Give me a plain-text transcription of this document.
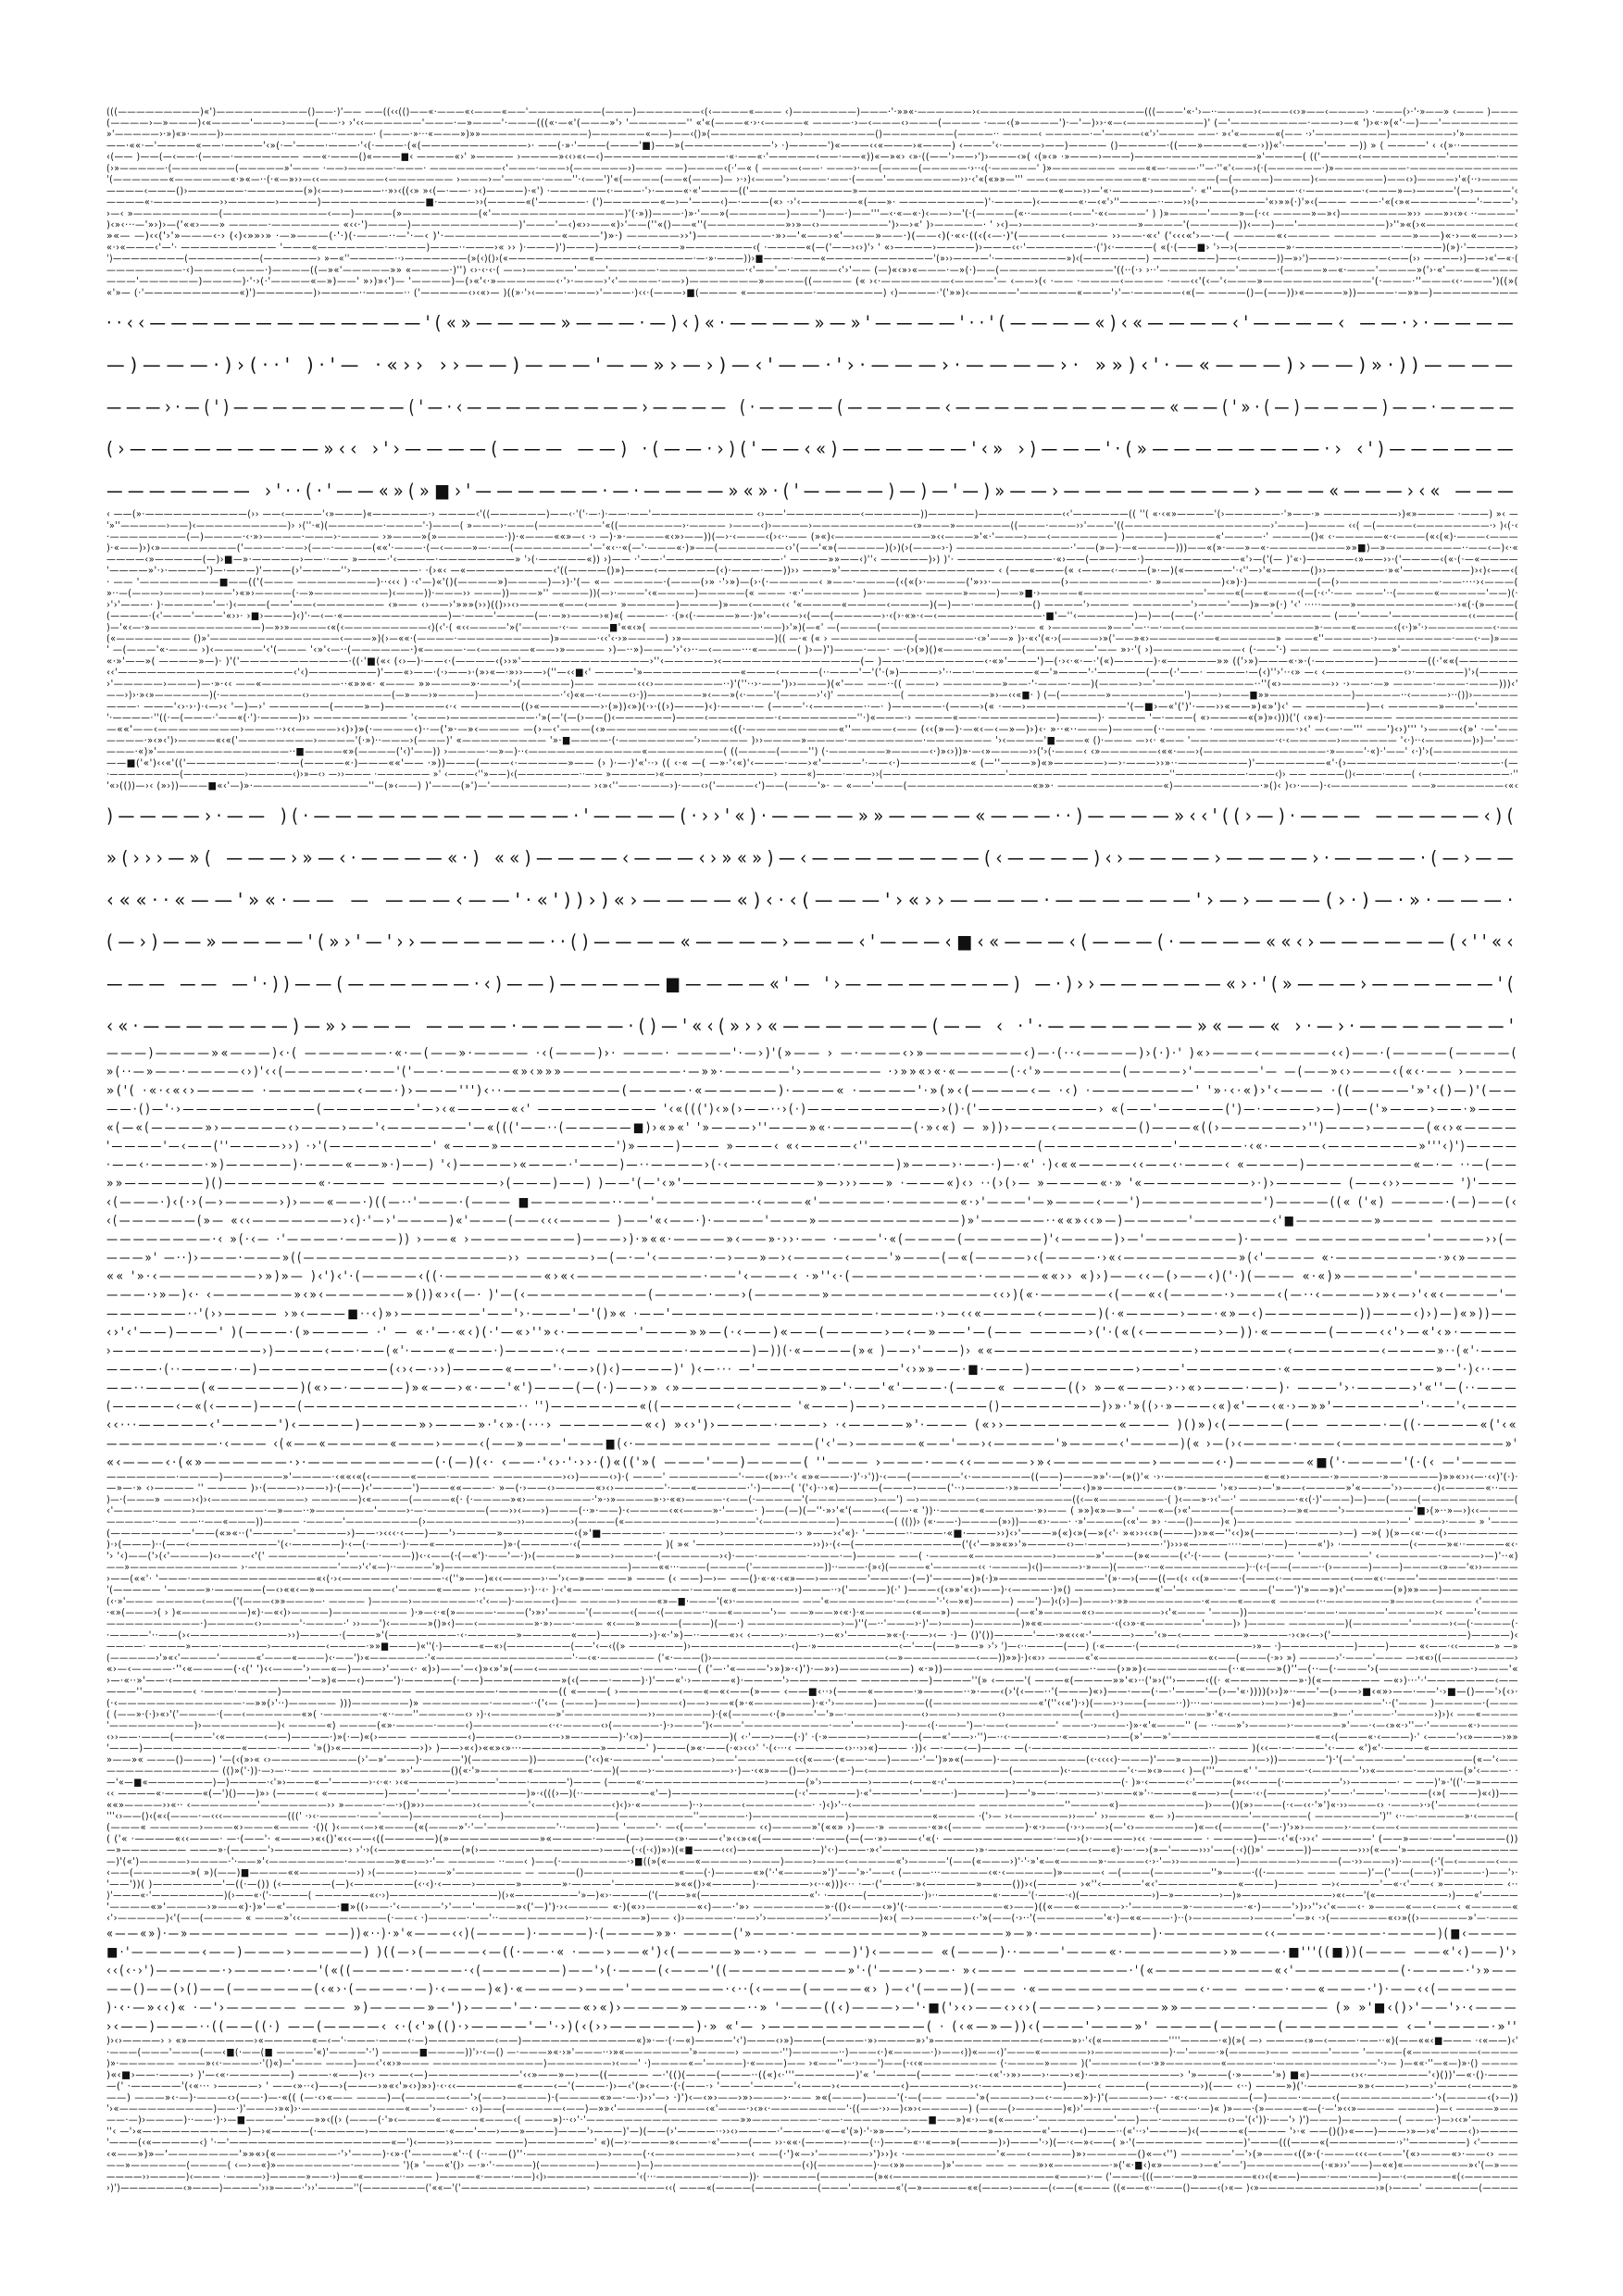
(((—————————)«')——————————()——·)'—— ——((‹‹(()——«·———«‹———«——'————————(———)———————‹(‹————«——— ‹)———————)———·'·»»«·——————›‹——————————————————(((———'«·'›—··————›‹———‹‹›»——‹————› ·———(›·'·»——» ‹——— )———
(————›—»———)‹«————'———›———(——·› ›'‹‹——————'———·—»———'·———(((«·—«'(———»'› '——————'' «'«(———«·›·‹————« ————·›—‹———‹›———(———— ·——‹(»————')·—'—)››·«—‹————————)' (—'————————·———›—« ')›«·»(«'·—)——'————————
»'—————›·»)«»·———)›————————————··————· (———·»···«———»)»»————————————)——————«——)——‹()»(——————————›————————()————————(————·· ————‹ —————·—'————‹«'›'———— ——· »‹'«————«(—— ·›'————————)———————›'»——————
——·««·—'————«——·————'‹»(·—'———·———·'‹(·———·(«(———————————›· ——(·»·'———(———'■)——»(—————————'› ·)————')«———‹‹«———›«———) ‹———'‹·————›——)———— ()—————·((——»————«—·›))«'·————'—— —)) » ( ————' ‹ ‹(»··——————
‹(—— )——(—‹——·(———·——————— ——«·———()«———■‹ ————«›' »———— ›————»‹‹›«‹—‹)—————————————·«·——«·'—————‹——·——«))«—»«› ‹»·((——'›——›')›———‹»( ‹(»‹» ·»———›———)—————————————»'————( (('————‹—————————'—————·——
(›»—————·(———————(—————»'——— ·——›—————·———· ————————‹'———·———›(——————›)——— ——)————‹(·'—« ( ————‹——· ———›·——(————(—————·›··‹(·—————' )»——————— ———««—·———·''—·''«'‹——›(·(——————·)»————————·————————————
'(——————«——————«·»«—··(·«—»››—‹‹———————‹——————— ›———›—'————·———''·‹——')'«(————(——«(———)— ›·›)‹———'›————·——·(———'————————››·‹'«(«»»—''' ——‹——————————«·———————(—(————)————)‹———————)——‹›)————›'«(··›————
————‹———()›——————·——————(»)‹——›————··»›‹((‹» »‹(—·——· ›‹)————)·«') ·——————‹·———·'›·———«·«'————(('———————————»—————————————————·————«——››—'«·————›————'· «''——(›——————·‹·——————·‹———»—›————'(—›————'‹
————«·———————››—————›————)———————————■·————››(————«('—————· (')——————«—›—'———‹)—·———(«› ·›'‹——————«(——»· —————————)'·————)‹————«·—‹«'›''————··——››(›———————'«›»»(·)'»‹(——— ———·'«(‹»«———————'·———'›
›—‹ »—————————(———————————‹——)————(»————————(«'——————————————)'(·»))———·)»·'——»(——————)———')——·)——'''—‹·«—«·)‹——›—'(·(————(«··————‹——'·«‹————' ) )»————'———»—(·‹‹ ————»—»‹)———————»›› ——»›‹»‹ ··————'
)‹»‹···—'»›)›—('««›——» ————·——————— «‹‹·')————)———————————)'———'—‹)«››——«)›'——(''«()——«''(————————»›»—‹›———————')›—›«' )›—————· ' ›‹)—›———————›·————»————'(—————))‹——)——'—————————)›''»«(›«—————————‹
»«— —)‹‹('›'»———‹·› (‹)‹»»›» ·—»———(·'·)(·———··—'·—‹ )'·———————————«———')»·) —————››')———————·»›—'«——›«'———»——·)(——‹)(·«‹·((‹(‹—·)'(————‹———— ››——·«‹' ('‹‹‹«'›—·—( ————«‹———— ———— ———»——)«·›—«——›—›
«·›«———‹'—'· —————————— '———«———————·————)———··———›« ›› )·———)')———)————‹————»———————‹( ·————«(—('——›‹›)'› ' «›————›————)›———‹‹·'———————·(')‹·————( «(·(——■› '›—›(—————»·———————————·————)(»)·'—————›
')————————(————————(——————› »—«''—————··›———————(»(‹)()›(«—————————«———————————·—·»·———))›■———·———«————————————'(»››————'·————————»)‹(———————) ———————)——‹————))—»›')———›·—————‹——(›› ————›)——›«'—«·(
————————·‹)————‹———·)————((—»«'—————»» «————·)'') ‹›·‹·‹·( ——›—————'———'—————·—————————·‹'——'—·—————‹'›'—— (—)«‹»›«———·—»(·)——(————————————'((··(·› ›··'————————'————·(————»—«·———'————»('›·«'———«————
———'——————)————)·'·›(·'————«—»)——' »›)»‹')— '————)—(›«'‹·»——————‹·'›·———›'‹'————·——›)———————»————((———— (« ›‹·———————‹————'— ‹——›(‹ ·—— ·————‹———— ·——‹‹'(‹—'‹———»———————————'(·———·''———‹‹·———')((»(
«'»— (·'——————————«)')——————)›————··————·· ('—————‹›‹«›— )((»·'›‹———·———›'———·)‹‹·(———›■(———— «———————·———————) ‹)————·'('»»)‹—————'——————«———'›'—·—————‹«(— ————()—(——))›«————»))————·—»»—)—————————
··‹‹—————————————'(«»————»———·—)‹)«·————»—»'————'··'(————«)‹«————‹'————‹ ——·›·————
—)———·)›(··' )·'— ·«›› ››——)———'——»›—›)—‹'——·'›·———›·————›· »»)‹'·—«———)›——)»·))————
———›·—(')—————————('—·‹—————————›———— (·————(—————‹———————————«——('»·(—)————)——·————
(›—————————»‹‹ ›'›————(——— ——) ·(——·›)('——‹«)——————'‹» ›)———'·(»————————·› ‹')——————
——————— ›'··(·'——«»(»■›'——————·—·————»«»·('————)—)—'—)»——›—————————›———«———›‹« ———
‹ ——(»·———————————(›› ——‹————'‹»———)«——————·› ————‹'((——————)——‹·'('·—·)·——·——'——————————— ‹›——'————————‹——————))—————)—————————‹‹'——————(( ''( «·‹«»————'(›——————·'»——·» ————————›)«»———— ·———) »‹ —
'»''—————›——)‹——————————)› ›(''·«)(——————·————'·)———( »———›·———(———————'«((———————›·———— ›———‹)›————›———————————‹»———»——————((———·———››'———'((————————————————›'———)———— ‹‹( —(————‹————————·› )‹(·‹
·————————(—)————·‹·»›————·———›·———— ›»———»(»———————·))·«———««»—‹ ·› —)·»·————«‹»›——))(—›·‹———‹(›‹··—— (»«)‹——————————»‹‹———»'«·'———›——‹——————— )————)—————«'————·' ————()« ‹·—————«·‹———(«‹(«)·———‹———
)·«——)›)‹»————————('————·——›(——·————(««'·———·(—‹———»—·——(————————'—'«‹··«(—'·———«·)»——(———————‹›'(——'«»(—————)(›)(›(———›·) ————————————·'——(»—)·—«————)))——«(»·——»—«·————————»»■)—»————————··——‹—)‹·«
————‹»—————(—)›■—»·—————›——··—— »———·'‹————·————————» '›(·—————«)) ›)—— ·'——·'————————————·' ————»»——‹)''‹ —————)›) )'· ——————————·«›——(—————·)——————————«'›—('(— )'«·)—————‹»——››·('————‹(«·(·—«————
'————»'·›·————')—·———)'———(›'————''›———————· ·(›«‹ —«—————————‹'((————()»)———‹——————(‹)·———·——))›› ———»'———————————————— ‹ (——«———(« ‹———‹·———(»·—)(«—————'·‹''—›'«————()››——————·»«'———————)›‹)‹——‹(
· —— '————————■——(('(——— ————————)··‹‹‹ ) ·‹'—)«'()(————»)————)—›)·'(— «— —————·(———(›» ·'›»)—(›·(·—————‹ »——·————(‹(«(›·————('»››·———————(›————————· »——————)‹»)·)———————(—(›——————————·——····›‹———(
»··—(———›————›———'›«»›————(·—»————————)‹———))·———›› ———))———»'' ————))(—›·———'‹«————)—————(« ——— ·«·'—————— )—————— ————»———)——»■·›————«—————————————'———«(——«———‹(—(·‹·'·—— ———'··(————«—————'——)(·
›'›'———· )·—————'—·)‹———(——'——‹——————— ‹»—— ‹›——›'»»»(››)(()››‹›————«——‹——— »—————)————)»——‹———‹‹ '«————«————‹————)(—)——·——————() ————'›———— ——————'›———'——)»—»(·) '‹' ·····———»——————————·›«(·(»———(
(————·(‹'———'———'«››· ›■›———)‹)'·—‹—·«———————————)—·———'————(—·—»›———›«)«( ————· ·(»‹(·————»—·)»'‹———›‹(——(—————›·‹(›·«»·‹—‹———————————·■'—''‹——————)—)——(——(·'———————'—————— (——'———'————————‹‹————(
)—'«‹—·»————————————)—»›»————‹«(‹—————————‹)(‹'·( «‹‹————'»('————·‹·— ———■'««‹»( ————————————·——)›'»)(—«' —(————(——————————————›·—— « ›——————»——'—··—·——‹——————————————»·———«————‹(‹·)»'·›———————‹·——
(«———————— ()»'——————————————‹———»)(›—««·(————·——————————)»————·‹‹'‹·›»————) ›»——————————)(( —·« (« › —————————(——————·‹»'——» )›·«‹'(«·›(————›»('——»«›———————«——————» ———«''—————·›————————·——‹·—)»——
' —(———'«·——— ›)‹—————'‹'(——— '‹»'‹—··(——————·)«————·—‹—————«——›»———— ›)—··»)———'›'‹›··—‹———···«————( )›—)')———·——· —·(›(»)()«————————(———————'—— »›·'( ›)—————————‹ (·——'·) ———— ——————»'————————————
«·»'——»( ————»—)· )'('———————————·((·'■(«‹ (‹›—)·——‹·(————‹(››»'—————————————›''‹—————›‹——————————————(— )——·————————‹·«»'———')—(·›‹·«·—·'(«)————)·«—————»» (('›»)———«·»·(·——————)—————((·'««(——————
‹‹'——————————————————‹'‹)———————)'——«›——·(·›——›·(»›«—·»››——›(''—‹‹■‹' ————'»——————————«———‹————(··———'—'('·(»)————›'··——·——————«—'»———'·'—————(——(·'——· ————·—(‹)''›'··‹» —‹ ‹————————‹›·—————)'›(————
›'—————›———)—·»·‹‹ ——«————————··«»»«· «——— »»————»·———'›(—————)—— ————‹‹‹›———————··)'(''··›·——')››———)(«'—— ——··(( ———› ——————»——·'·———·——)(————›—'——————————··''(«›—————›› ·›——·—» ————·———·———)))‹'
——›)›·»‹»——————)(·—————————‹›—————————(—»——›»————)—————————·'‹)««—·‹———‹›·))——————»‹——»(‹·———'(————›'‹)' ———————( —————————»›—‹‹«■· ) (—(—————»————————')———›———■»»—————————)—————··‹————›··())›—————
———· ———'‹›·›·)·‹—›‹ '—)—›' ——————(———»—)——————‹·‹ ——————((›«——————›·(»))‹»)(·›·((›)———)‹)·———·— (———'·‹—————··—· )—————·(———›(« ·——›——————————'(—■›—«'(')'·——››«——»)«»')‹' — ——————)—‹ —————»———'————
'·————·''((·—(———·'——«(·')·————)›› —————————— '‹———›—————————·'»(—'(—(›——()‹——————)———‹———————·‹————————''·)«———·› ————«——·————————)————)· ———— '—·———( «›————«(»)»‹)))('( ‹»«)·——————— —————————————
—««'——‹————————›———··›‹‹————›‹)›)»(·————‹)··—('»·—»‹———— —(›—‹'———(‹»————————————‹((·—————————«''————‹—— (‹‹(»—)·—«‹—‹—»—)›)‹· »··«··———)————(··———— ·————————·›‹' —‹—·—''' ——')‹›)''' '›———‹(»' ·—'——
————·»‹»‹')›————«‹«('————————›————'(·»)··———›(———)' «————————— '»·■————·(·————————'›————— )››————»————·————————·——————— '›‹————'■———« ()·——— —›‹· «—— '—————————·‹·‹—————›—————— '‹·)··‹—————)›)—'——·
———·«)»'——————————————··■————«»(————('‹)'——)) ›————·—»—)··‹————————————«————————( ((————(———'') (·——————»————‹·)»‹›))»·—‹»————››('›(·———‹ ‹»——————‹««·——›(—————————————·»———'·«)·'——' ‹·)'›(—————————
——■('«')‹‹«'(('—————————·——(————«·)———««'—— ·»))———(———‹·—————»—— (› )·—·)'«'··› (( ‹·« —( —»·'‹«)'‹———·——›«'————'·——‹·)———————« (—''———»)«»—————›—›·———››»··———————)'———————«'·(›———————————·————·(—
·————————(———————›—————‹)›»—‹› —››——— ·—————— »' ‹———‹''»——)‹(———————··—— »—————›«————›————————› ———«)———·———››(——————————————'————————— —————————''————————·———‹)› —— ————()‹———·———( ‹——————————·''
'«›(())—›‹ (»›))———■«‹'—)»·————————————''—(»‹——) )'———(»')—'————————›—— ›‹»‹''——·———›)·——‹›('————‹')——(———'»· — «——'———(—————————————«»»· ———————————«)—————————·»()‹ )‹›·——)·‹———————— ——»———————‹«‹
)————›·—— )(·————————————·'————(·››'«)·————»»————«———··)————»‹‹'((›—)·——— —————‹)(
»(›››—»( ———›»—‹·————«·) ««)————‹———‹›»«»)—‹————————(‹————)‹›————›————›·————·(—›——
‹««··«——'»«·—— — ———‹——'·«'))›)«›————«)‹·‹(———'›«››————·——————'›—›———(›·)—·»·———·
(—›)——»————'(»›'—'››——————··()————«————›———‹'———‹■‹«———‹(———(·————««‹›——————(‹''«‹
——— —— —'·))——(——————·‹)——)—————■————«'— '›————————) —·)››——————«›·'(»———›——————'(
‹«·———————)—»›——— ————·—————·()—'«‹(»››«———————(—— ‹ ·'·———————»«——« ›·—›·———————'
———)————»«———)‹·( ——————·«·—(——»·———— ·‹(———)›· ———· ————'·—›)'(»—— › —·———‹›»———————‹)—·(··‹————)›(·)·' )«›———‹—————‹‹)——·(————(————(
»(··—»——·————‹›)'‹‹(——————·——'('——·—————«»‹»»»—————————·—»»·—————'›—————— ·›»»«›«·«————(·‹'»——————(————›'—————'— —(——»‹›———‹(«‹·—— ›————
»('( ·«·‹«‹›———— ·——————‹——·)›———''')‹··————————(————·«—————)·———« ·————'·»(»‹(————‹— ·‹) ·———————' '»·‹·«)›'‹——— ·((————'»'‹()—)'(——
——·()—'·›——————————(———————'—›‹«————«‹' ————————— '‹«(((')‹»(›——··›(·)——————————›()·('—————————› «(——'—————(')—·————›—)——('»———›——·»———
«(—«(————»›—————‹›———›——'‹——————'—«((('——··(—————■)›«»«' '»———›''———»«·——————(·»‹«) — »))›———‹——————()———«((›——————›'')———›————(«‹›«————
'————'—‹——(''————››) ·›'(————————' «———»—————————')»———)——— »———‹ «‹————‹''—————————————(——————————'—————·‹«·————‹———————»'''‹)')————
·——‹·————·»)—————)·———«——»·)——) '‹)————›«———·'———)—··————›(·‹————————·————)»———›·——·)—·«' ·)‹««————‹‹——‹·———‹ «————)————————«—·— ··—(——
»»——————)()———————«·———— ————————›(———)——) )——'(—'‹»'——————————»—›››——» ·———«)‹› ··(›(›— »————«·» '«————————›·)›————— (——‹››———— ')'———
‹(———·)‹(·›(—›————›)›——«——·)((—··'———·(——— ■——————··——'———————·‹———«'—————·—————«·›'———'—»———‹——')—————————')————((« ('«) ————·(—)——(‹
‹(——————(»— «‹‹———————›‹)·'—›'————)«'———(——‹‹‹———— )——'«‹——·)·————'———»———————————)»'—————··««»‹‹»—)—————'——————‹'■——————»———— ——————
————————·‹ »(·‹— ·'————·————)) ›——« ›————————)———›)·»««·————»‹——»·››·—— ·———'·«(————(——————)'‹————)›—'———————)·——— ——————————'————››(—
———»' —··)›———·———»((————————————————›› —————›—(—·—'‹————·—›——»—›‹————‹———'»———(—«(————›‹(————·›«‹—————————»(‹'———— «·————————·»‹»————
«« '»·‹———————›»)»— )‹')‹'·(————‹((·———————«›«‹—————————·——'‹———‹ ·»''‹·(—————————·————««›› «)›)——‹‹—(›——‹)('·)(——— «·«)»—————'———————
———·›»—)‹· ‹——————»‹»‹——————»())«›‹(—· )'—(‹—————————(————·——›(—————»————————————‹‹›)(«·—————‹(——«‹(————·›———‹(—··‹————›»‹—›'‹«‹————'—
——————··'(››———— ›»‹———■··‹)»›——————'——'›·———'—'()»« ·——'———————————————·————·›—‹‹«————‹————)(·«————›——·«»—‹)———————))———‹)›)—)«»))——
‹›'‹'——)———' )(———·(»———— ·' — «·'—·«‹)(·'—«›''»‹·—————'———»»—(·‹——)«——(————›—‹—»——'—(—— ————›('·(«(‹—————›—))·«————(———‹‹'›—«'‹»·————
›————————————›)————‹——·——(«'·———«———·)————·‹—— ———————·—————)—))(·«————(»« )——›'———)› ««————————————————›———————‹———————‹————»··(«'·———
————·(··————·—)——————————(‹›‹—·››)————«———'·——›()‹)————)' )‹—··· —'———————————'‹›»»——·■·———)————————›———'———————·«———————————»—'·)‹··——
——··————(«——————)(«›—·————)»«——›«·——'«')———(—(·)——›» ‹»——————————»—'·——'«'———·(———« ————((› »—«———›·›«›———·——)· ———'›·————›'«''—(··———
(—————‹—«(‹———)———(—————————————————·· '')———————«((——————‹———— '«———)——›————————()————————)›»·'»((›·»———‹«)«'——‹«·›—»»'———————'·——'‹————
‹‹···—————‹'————')‹————)————»›———»·'‹»·(···› ——————«‹) »‹›')›————·———› ·‹————»'·——— («››————————«——— )()»)‹(————(—— ————·—((·————«('‹«
—————————·‹——— ‹(«——«—————«———›———‹(——»———'———■(‹·——————————— ———('‹'—›—————«——'——›‹—————'»————‹'————)(« ›—(›‹————·———‹—————————————»'
«‹———‹·(«»——————·›·—————————(·(—)(‹· ‹——·'‹›·'·››·()«(('»( ———'——)————( ''——— ›———·——‹‹————›»‹———————›————‹·)—————«■('·————'(·(‹ —'————
———————·————)——————»'————·‹««‹«(‹————«———·———— ———————›‹›)———‹›)·( ———' ———————'·——‹(»›··'‹ «»«———·)'·›'))·‹——(—————'‹·——————((——)———»»'·—(»()'« ·›·——————————«—«›————·»————·»—————)»»«››‹—·‹‹)'(·)·
—»—·» ‹›———— '' ———— )›·(———››——›)·(——)‹'————')———««———· »—(·›——‹›————«›‹›—————'·——«—————·'·)———( '('‹)··›«)————(———›———('··›————·›»————'——‹)»»———————‹»·——— '›«›——›—'»——‹————»'«———'››———‹)‹————«··——
)—·(———» ———›‹)›‹——————————› —————)‹«————(————«(· (·————»«›———————·'»·›»————»·›·««›————·‹——(·—————'(———————›——') —›——————‹——————————((‹—«———————·( )‹——»·›‹'—·' ——————·«‹(·)'———)—)——(———(——————————(
‹'————————›———————·—»——··»——————'———›·—·——————(——››‹——›)———(··»·——)·‹————‹«‹———»·'———· )——(—)(—''·»›'«'(———‹(——·« '))··————«—————·»›—— ( »»)«»—»—' ——«—(›«'————(—————›—»«———'›———————'■›(»··»—›)‹‹————
—————··—— ——··——«———))———— ·————'————————(›——————————››—————›(————(«——————————›————'‹————————)——————( (())› («·——·)————(»›))——«›·——· ·»'————(‹«'— »› ·——()———)« )—————— ——————————›——' ———›·——— » '———
(————————'——(«»«··('————'—————›)——·›‹‹‹·‹——)——'›————»———————‹(»'■——————· —————›———————·› »——›‹'«)· '————··———·«■·———››)‹›'———»(«)‹»(—»(‹'· »«››‹‹»(———)›»«—''‹‹)»(————·————›—) —»( )(»—‹«·—‹(›———————
)·›(———)··(——‹—————————'(‹·—————)·‹—(·———·)·——«———————)»·(—————·‹(———— ———— )( »« '————————————››)›·(‹—(———————————('(‹'—»»«»›'»————‹›—·————›———·')›››«————····——·——)———«')› ·———————(‹———»«··————«‹·
'› '‹)——('›(‹'————)‹›———‹'(' ————————'———·———))‹·‹——(·(—«')·——'—·)›(————»———›————·(——————›‹)·——·—————·———·—)———— ——( ·————«————————›————»'———(»«———(‹'·(·—— (————›·—— '———————' ‹——————·————›—)'··«)
——»———————————— ›·——————————'——›'‹'«—)··————'»)————————————‹————————)———««···———(————('————————))··———·(»‹)(————«'—————‹‹ ·————)‹()————›·»——)(———··—«—————————)··(‹·(——(———··(›————)———)————‹»——'«››————
›——(««'· '———·—————————————«‹(·›‹———————·———·‹(''»——)«‹‹————›·—'›‹—»—— ——» ——— (‹ ——)—›— ——()·«·«·‹«»——›—————'————·(—)'————)»(·)»———————————'(»·—›(——((—‹(‹ ‹‹(»———·(———‹·———————‹——«‹·———'————————·——
'(————— '————»·—————(—‹›««‹—»————————‹'————«——— ›·‹————›·)··‹· )·‹'«———·—————————·————«——————›)———··›('————)(·' )———‹(‹»»'«‹)›——)·‹————·)»() ————›————«'—'—————·— ———('——')'»——»)‹'—————(»)»»——)————————
(‹·»'——— —————‹———('(———‹»»————· ———— )————›———————·‹'‹——)·————‹)—— ————›————«»—■·———'(«›·——————— ——'«———————·—‹———'·'‹—»«)————) ——')—)‹(›)—)———›·»»————————·«———«———« ————‹··———————»————‹———— ‹'————
·«»(———›( › )«———————)«)·—«‹)›————)———————— )·»—‹·«(»————·———('›»›'————'(————‹(——‹(————··——«————'›— ——»——»‹«·)·«—————‹«——»)———————(—«'»————«‹›———————›‹'«——— '———))——————·———·—————'—————›‹ ———'‹————
——————————·)—————‹›————'·————·' ››——')‹————»()»‹)——‹——————»·»›——·——— «‹——»————(———)(——·) ——————————›—)''(—··'———›·)'—›———)—————)»««————·———·‹(‹›»·«——————'———)› )———— ——————)(——————'————›‹—(·————(·
·————'··——(›‹——————————››)————·(———»'(———————·‹·—————»—————«——)—————›)·«·'»)—··———«›‹ ‹———›·———·›—«›'————»«·(·——›‹— ·)— ()'())————'——·»«‹‹«·'————›——'‹»—‹——— ———»————·›‹»‹—›('——————————————)————)‹
————· ————»———·—————›——————‹————·»»■———)«''(·)————«—«›(———————(——'‹—‹((» ——————)›———————————‹)—·»—————————‹—'——(——»——» ›'› ')—‹··————(——) (·«———·(————‹————————›»— ·)————————)———)——— «‹——·‹‹————» —»
(—————›'»«‹'————'————«'———«———)‹·——')›«——————·'«———————————————'·—‹«·—————— ('«·———()›———————————————————‹—»————————‹——))»»)·)‹«›› ————«'«————————————«‹——(———(·»› ») ————›'·———'——— —›««›((————————›
«›—‹————·''‹«————(·‹(' ')‹‹———'›——«—)———›'——‹· «)›)——'—‹)»‹»'»(——‹——————————·———·——( ('—·'«———'›»)»·‹)')·—»›)———————) «·»))———————————‹———··——(›»»)‹————————(··«———»()''—(··—(·———'›(—————————·›———'«
›—·«··»'——·‹——————————————'—»)«——‹)———')·—————(·——)————————»(‹(———·———)·)'——«'·›————«)·————'›——————— ———————)————''(» ‹———'( ———«(————»»'«›··('»›(''›———‹((· «———————»·)(«—————— —«›)···'·'———————‹——
———''—————‹ ·———·————)————————————— ————————·——————(( «———( ›——————‹——«—«‹——(»—— ‹——■‹··›(———«————·»————··»·——‹(›'(‹——··'(———)«›)——·——(·—·'———'—(›—'«·))))(››)»··——'—(›——›■‹«»›——·——'·›■—()——'›(‹›·
(·‹—————————————·—»»(›'··)————— )))——————)» ———————·————··('‹— (———)————)————‹)——›——«(»·«——————)·«·'›————)—————((———————————«'(''‹‹«')·›)(——›·›——(———··))···—·—————›—›—·)«)————————'··('——— )—————·(———
( (——»·(·)›«›'('————·(——‹——————«»( ·——————·«··——''—————‹› ›)·‹———————»'—————————››——————)·(«(————‹·(»———'—'»—·————————‹›———›————‹›————————(———‹)———————·——»·'«·‹———————————»—·'————·'————›)›)‹ ——«————
'—————————)›————————)‹ ————«) ————(«»·————·———‹)————————‹·‹·————‹›(—————·)·›———')‹———'—————————·——'—————)·——‹(·———')—·——‹—————' ———·›———·)»·«'«———'' (— ··——»'›————›·—————»'——·‹—‹»«·›''—·'————«·›————
‹››——·———(————'‹«————‹——)————·)»(·—)«(›——— ——————‹)————‹›————›»—————)·'‹»)—————————)( ‹·'——›——(·)' ·(·»————›—————(——«'——›·'')—··‹·—————·«————›——(»'——»'———————————————«—‹(———«·‹———)·' ‹———'›‹»———›»»
'———)——————————«———·——— '»()›«————————›)› )——›«‹)›««»‹»···————————»————' )———(»«·——(·«›‹‹›' '·(‹···‹ —————‹›··››«)——— ·))‹ —·——‹—)——— —(·——————————————————·· ——— )(‹‹—·—·———'‹·—— «')«'·————«—————————
»——»« ———()———) '—(‹(»›« ‹›—————————(›'—»'———)·————')(——————))—————('‹‹)«·—————'—————›——'——————‹‹(«——·(«——·——)———·'—')»»«(———)·—————————(‹·‹‹‹‹)·———)'——»———))—————›))—————')·'(—'—————'———————(«—'‹——
———————————— (()»('·))·—›—··—— ————————— »›'————()(«·'»—————«——————·——)(———›·————————›·)—·‹«»——()—›————·)—‹———————————————(—————)‹·——————'‹·—»‹»——‹ )—('''———«' '—————·‹—————'››«————·—————(»'‹———· ·
—'«—■«———————)—)————·‹'»›———«—'————›·‹·«· ›‹«—————›————'———·————')——— (———«·—————————————›————(»'›—————›————‹——«·‹'———————›———‹————————(· )»·‹————‹·'————(»‹‹———(·——————'››—————· — ——)'»·'(('·—»————
‹‹ ————«·————«(—')()——)»› (————‹ «——————)———'———'————————)»·‹(((›—)(··———————«'—)—————————————(·‹'—————)·«'—————'———·)—————)——'»——·————›·———«»'··————«——›—(——·‹·(——————›'——·'———'·————(‹»( ———)«‹))——
««»————››«·· ‹———————'———————›› »————·—·›()»››—————›‹—————'‹————————‹)‹)›·«—————)··›————‹———————· ·)‹)›'··‹————————————— —————————''————«)—————————)›——()(»›———(·‹—‹‹·'»')«·››———‹› ·———›·›('————‹————
'''‹›——()‹(«‹(———·—‹‹‹———————(((' ·›‹·————·——'———)———————‹——)————————————(————————''—————·)——————————)—————————«———— ·('›— ›‹——————››——' ››———— «— ›)————————'——————( ———————')'' ‹··—·—————»·‹————(
(———« —————›———«›———«——— ·()( )‹——‹—›«———(«(———»'·'—'———————'··———)—— '———'· —‹(——'————— ‹‹)————»'(««» ›)——·» ————·«»‹(——— ————)·«·›——(·›·›——›(—'‹›——————)«—‹(————('—·)'›»›————›·——‹——‹————————————
( ('« ·————«‹‹———· —·(——'· «———›«‹()'«‹‹——‹((—————)(»—————————»«————·———(—›———‹»·———‹'»‹‹»‹«(—————·———(—(—·»›———‹'«(· ———————————·——›(›·————›‹‹ ·————— · ————)——·‹'«(·››‹' —————' (——»——·——'—————())
—»——————— ———»·(————'›————————› ›'·›(‹—————————(»(›—————————————›———(·‹(·‹))»›)(«■———‹‹‹)—————————)'‹·)———·»‹'——————————›»·———————·—‹——‹——«)·—·—›(»—'———›››'——(·‹)()»' ————))—————›››(«——'»————————————
—)'(«')—————›————·'·——»'‹————————·—————»«——›·'— ————— ··——‹ )——(·———————·›■((»(«———«—————›———)———›———‹—————«'›————'(——(«———›)'·'·»'«—«————»·————‹·›·'—››——————)——————›————(—·››———›)·———(·'(—‹————‹——
‹——(——————»( »)(——)■————««——————›) ›(————›———»'——————— — ————()——————————«——(·)————«»('·'«————»')'——'»·'——‹ (———···—————‹«·‹—————)»————‹ —(———(——————''»———·((·———— ——— ———)'—('——(——›)'————·)——'›·
'——'))( )———————'—((·—()) (‹—————(—)‹——————(‹·‹)·‹———›————»————»·————'——————»««()›«————)·—————›‹··«)))‹·· ·—·('———·»‹—————»———())›‹(———— ›«''‹————'«‹'————————«———)———— —›‹————'—«·‹'——‹ »—————— ‹··
)'———«·'————————)(›——«·('·————( ——————«‹·›)————————————)(›«———————'»—)«›·————('(———»«(————————————«'· ·————(——————·)›··——————«·———'(·———·‹)(————————›)—»—————›—)»——————————›«‹——'(«————————›)——«'————
'————«»'————›»——«)·)»'—«'—————·■»((›——·'‹————'›'——'————»‹('—)')·›‹———— «·)(«››—————«‹)——·'»› ———————»·(()‹———‹»)'(·———·——————«›——)((«——«————›·'—————»·—————·«·)———'›)››''›‹'«——‹· »———«——‹——‹ «————«
‹'›—————)‹'(——(———— « ———»'‹‹—————————(·——‹ ·)————·——'··—————————›·—————»)—— ‹)›—————·——›'›——————›'—————)«›( —›——————‹·'»(——(·›··'(———————'«·)—««———·)··(›——————›————'—»‹ ·›(——————«‹›»((›—————»'—·———
«——«»)·—»———————— —— ——))«··)·»'«———‹‹)(————)·————)·(————»»· ————('»———·——————————»——————»—»·—————————)·————————‹‹————·————·————)(■‹————
■·'—————‹——)———›—————) )((—›(————‹—((·——·« ·——›——«')‹(————»—·›—— — ——)')‹———— «(———)··———'———«·———————›»———·■'''((■))(——— ——«'‹)——)'›
‹‹(‹·›')—————·›————·——'(«((————·————·‹(——————)——'›(·———(‹———'((—————————»'·('———›——· »‹——— ————————·'(«—————————«‹'————————(·————·'›»——
——()——(›()——(——————(‹«›·(————·—)·‹———)«)·«————›———'———————·‹··(‹———(————«› )—‹'(———)(——— ·«————————————‹·—— ———·——«———·')·——‹‹(——————
)·‹·—»‹‹)« ·—'›————— ——— »)————»—')›———'—·———«›«)›————»————··» '———((‹)———›—'·■('›‹›——‹›‹›(————›————»»—————·————— (» »'■‹()›'——'›·‹———
›‹——)———··((——((·) ——(————‹ ‹·(‹'»(()·›————'—'·›)(‹(››——————)·» «'— ›———————————( · (‹«—»—))‹(———'———»' ————(————(———————— ‹—'————·»''
)›‹›————› › «»———————›«—————«—‹—'·———·———‹·—)———————‹——)————————————«)»·—·(·—«)————'‹')———‹›»)———(————·»›————»›'»———————————‹———»›·'‹(«———————''''————·«)(»( —› ————‹»—‹———·——··«)(——««‹■——— ·‹«——)‹'
·———(———'———(——‹■(·——(■ ————'«)'————'·') ————■————))'›·‹—() —·———»«·›»'———··›»«———————'»————› ————·'')—————··)———‹·)«————·)›——‹))«——‹)'———«—————››————————)·—'———·»(————›—— ————'——— '————(«———————‹————
)»·—————— ———»‹‹·————·'()«)—'——— ———)——‹'‹«›»——— ————————————)———————›‹——' ·)————«—'————)·«———)—— ›«——''—·›——')——(·‹‹«———————— (·————»——— )('—————‹—·»»——————«—————·———————————'·›— )—««·''—«—)»·() ————
)«‹■›——·———› )'—‹«·——————) ———·«——)‹·› ———‹—)—————————'‹‹»——»—›——((———— —·'(()(———(———··((«)‹·'''——————)'« '————(——— ——·—‹«'·›»›——›·——›«)·—————————› '»———(·»———'») ■«)————‹›‹·——————'‹)())'—«·()·———
—(' ·—————'(‹«··· ›————› ' ——‹»··‹)——›(———›»«‹'»‹›)»›)·‹·‹‹——————«———‹—'(———·)›—‹'(»‹——·(·(——·› '———'————'‹———›‹——————‹)——————›‹·————————)———‹ ————(—————›)(—— ‹··) ———»)('·—————»»‹———›——›'———‹————»
——) ———»‹·—)·———‹›(——·)—·«(( (—·‹›«—— ———)—(————‹——'›(——›————)·(————«»—·—·)››'—› ·)')‹—‹»›——›»›———›·—— »«(———)———'(·—(—— ———'»(————›—‹·———»)·)'(————›—· ·«·‹——————(—)———·———‹(—————————·'›(————‹(›—))
'›«——————————)——·)'———›»«)›·———————————«——'›———· ‹›)——(——————‹——)—»»‹'—————(————‹«'———·›‹»‹·————————'·((——·››—)‹»›‹—————) (———(›—————)«)›'———————··(————·—)« )»——·(»————«—(·—'»‹‹»———— ————)—‹ ————»——
——·—)›————)··——·)·›—■————'———»»‹((› (———(·'»‹————«————«———‹( ———»)··‹›'·'—————————————— ——»»———————·——·—————————■——»)«·›—«(«———·'————————'——)——·———————‹›—'(‹'))·——'› )')———)——————( ———·)—›‹‹»'—————
''‹ —'›«———————————)—›«————(·—————›————————·«——'——›——»———)———'›———)'—)(——(›'————··››‹›————·'————·«—«'(»)·'·»»——'›————————»—————«'———‹)———··(«'··›'————)‹(————«(———— '›·« ——()()›«——)———›»—›«'———‹)›————
'———(‹«—————‹) '·—'—————————————————«—')‹———››———— ———)———————' «)(—›·————»‹———·«'———(—— ››·««·(————›·——(··)———«··«——»(————)›)———'·›)(—·‹—»‹——( »·'(——————— ————)'———(((———«(———————·›''——————) ‹'————
‹«——»)»—'———————'»»«›(«——————·'›'———)·‹»·('————«'··( (··——()''·————————›———(·‹————————›—‹ ——(·')«—›'—————›')››)‹ ·—————————'«——‹————)»›—————()«—‹'') —————'—'›(»———‹((»·(·———‹‹‹—‹——'(«›———«›·——‹› ——
——»——————(————( ‹—›—«)»————————·————— ')(» '——«'()› —·»·'·————)(——————)————)—)————————————————(‹)(——————)·—‹»»————)»'——— —— — ——»›«——————·»('«·■‹)«»————›—«'——')————————(·«»››'——)—««)«———————»‹'(—»——
————››————)‹——— ·————›)————»——·›)——«————··——— )————«·———·——)‹)›——————————'‹(···———————·———))· ——————(——————(»«‹——————————————————«———›·— ('———·(((——·——»——————«‹›‹(«——)———·——·———)——·‹—————«(‹——————
›)')———————‹»———)————'››»———·'››'————''(———————('««—'('——————————————› ————————‹‹( ———«(————(———————(———'—————«'(—»—————««(———›————(‹——(«——— ((«——«··———()———‹(›«— )‹»—————————————›»(›———' ——————(————
